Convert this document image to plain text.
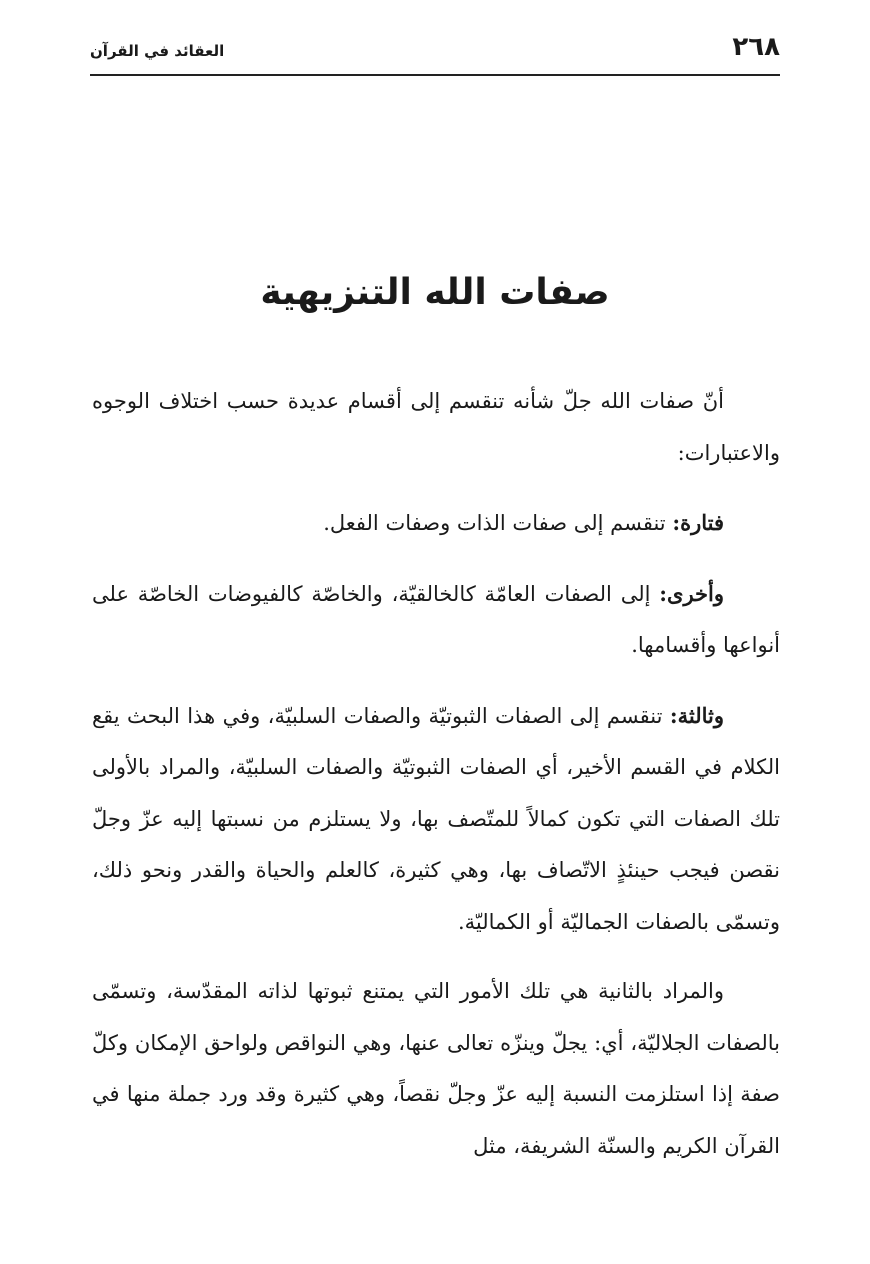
٢٦٨
العقائد في القرآن
صفات الله التنزيهية

أنّ صفات الله جلّ شأنه تنقسم إلى أقسام عديدة حسب اختلاف الوجوه والاعتبارات:

فتارة: تنقسم إلى صفات الذات وصفات الفعل.

وأخرى: إلى الصفات العامّة كالخالقيّة، والخاصّة كالفيوضات الخاصّة على أنواعها وأقسامها.

وثالثة: تنقسم إلى الصفات الثبوتيّة والصفات السلبيّة، وفي هذا البحث يقع الكلام في القسم الأخير، أي الصفات الثبوتيّة والصفات السلبيّة، والمراد بالأولى تلك الصفات التي تكون كمالاً للمتّصف بها، ولا يستلزم من نسبتها إليه عزّ وجلّ نقصن فيجب حينئذٍ الاتّصاف بها، وهي كثيرة، كالعلم والحياة والقدر ونحو ذلك، وتسمّى بالصفات الجماليّة أو الكماليّة.

والمراد بالثانية هي تلك الأمور التي يمتنع ثبوتها لذاته المقدّسة، وتسمّى بالصفات الجلاليّة، أي: يجلّ وينزّه تعالى عنها، وهي النواقص ولواحق الإمكان وكلّ صفة إذا استلزمت النسبة إليه عزّ وجلّ نقصاً، وهي كثيرة وقد ورد جملة منها في القرآن الكريم والسنّة الشريفة، مثل
